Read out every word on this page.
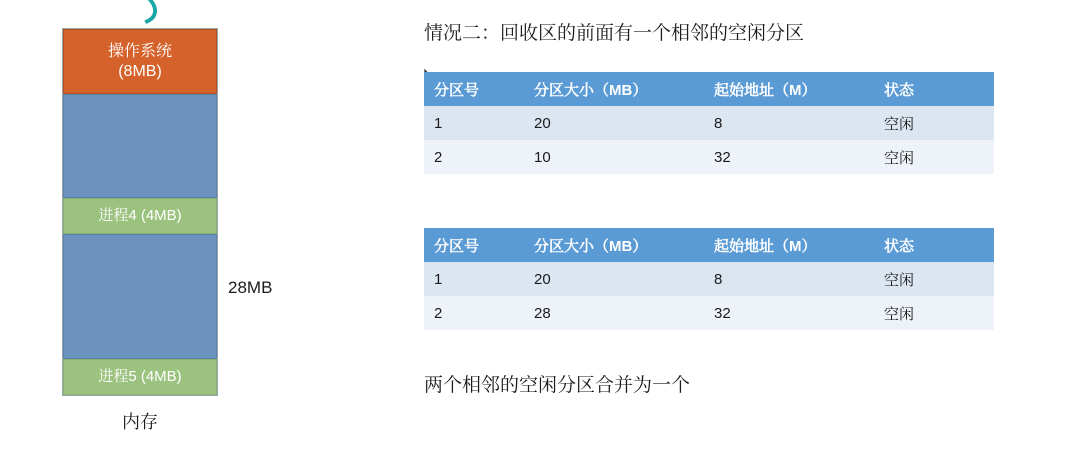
操作系统
(8MB)
进程4 (4MB)
进程5 (4MB)
28MB
内存
情况二：回收区的前面有一个相邻的空闲分区
分区号	分区大小（MB）	起始地址（M）	状态
1	20	8	空闲
2	10	32	空闲
分区号	分区大小（MB）	起始地址（M）	状态
1	20	8	空闲
2	28	32	空闲
两个相邻的空闲分区合并为一个
